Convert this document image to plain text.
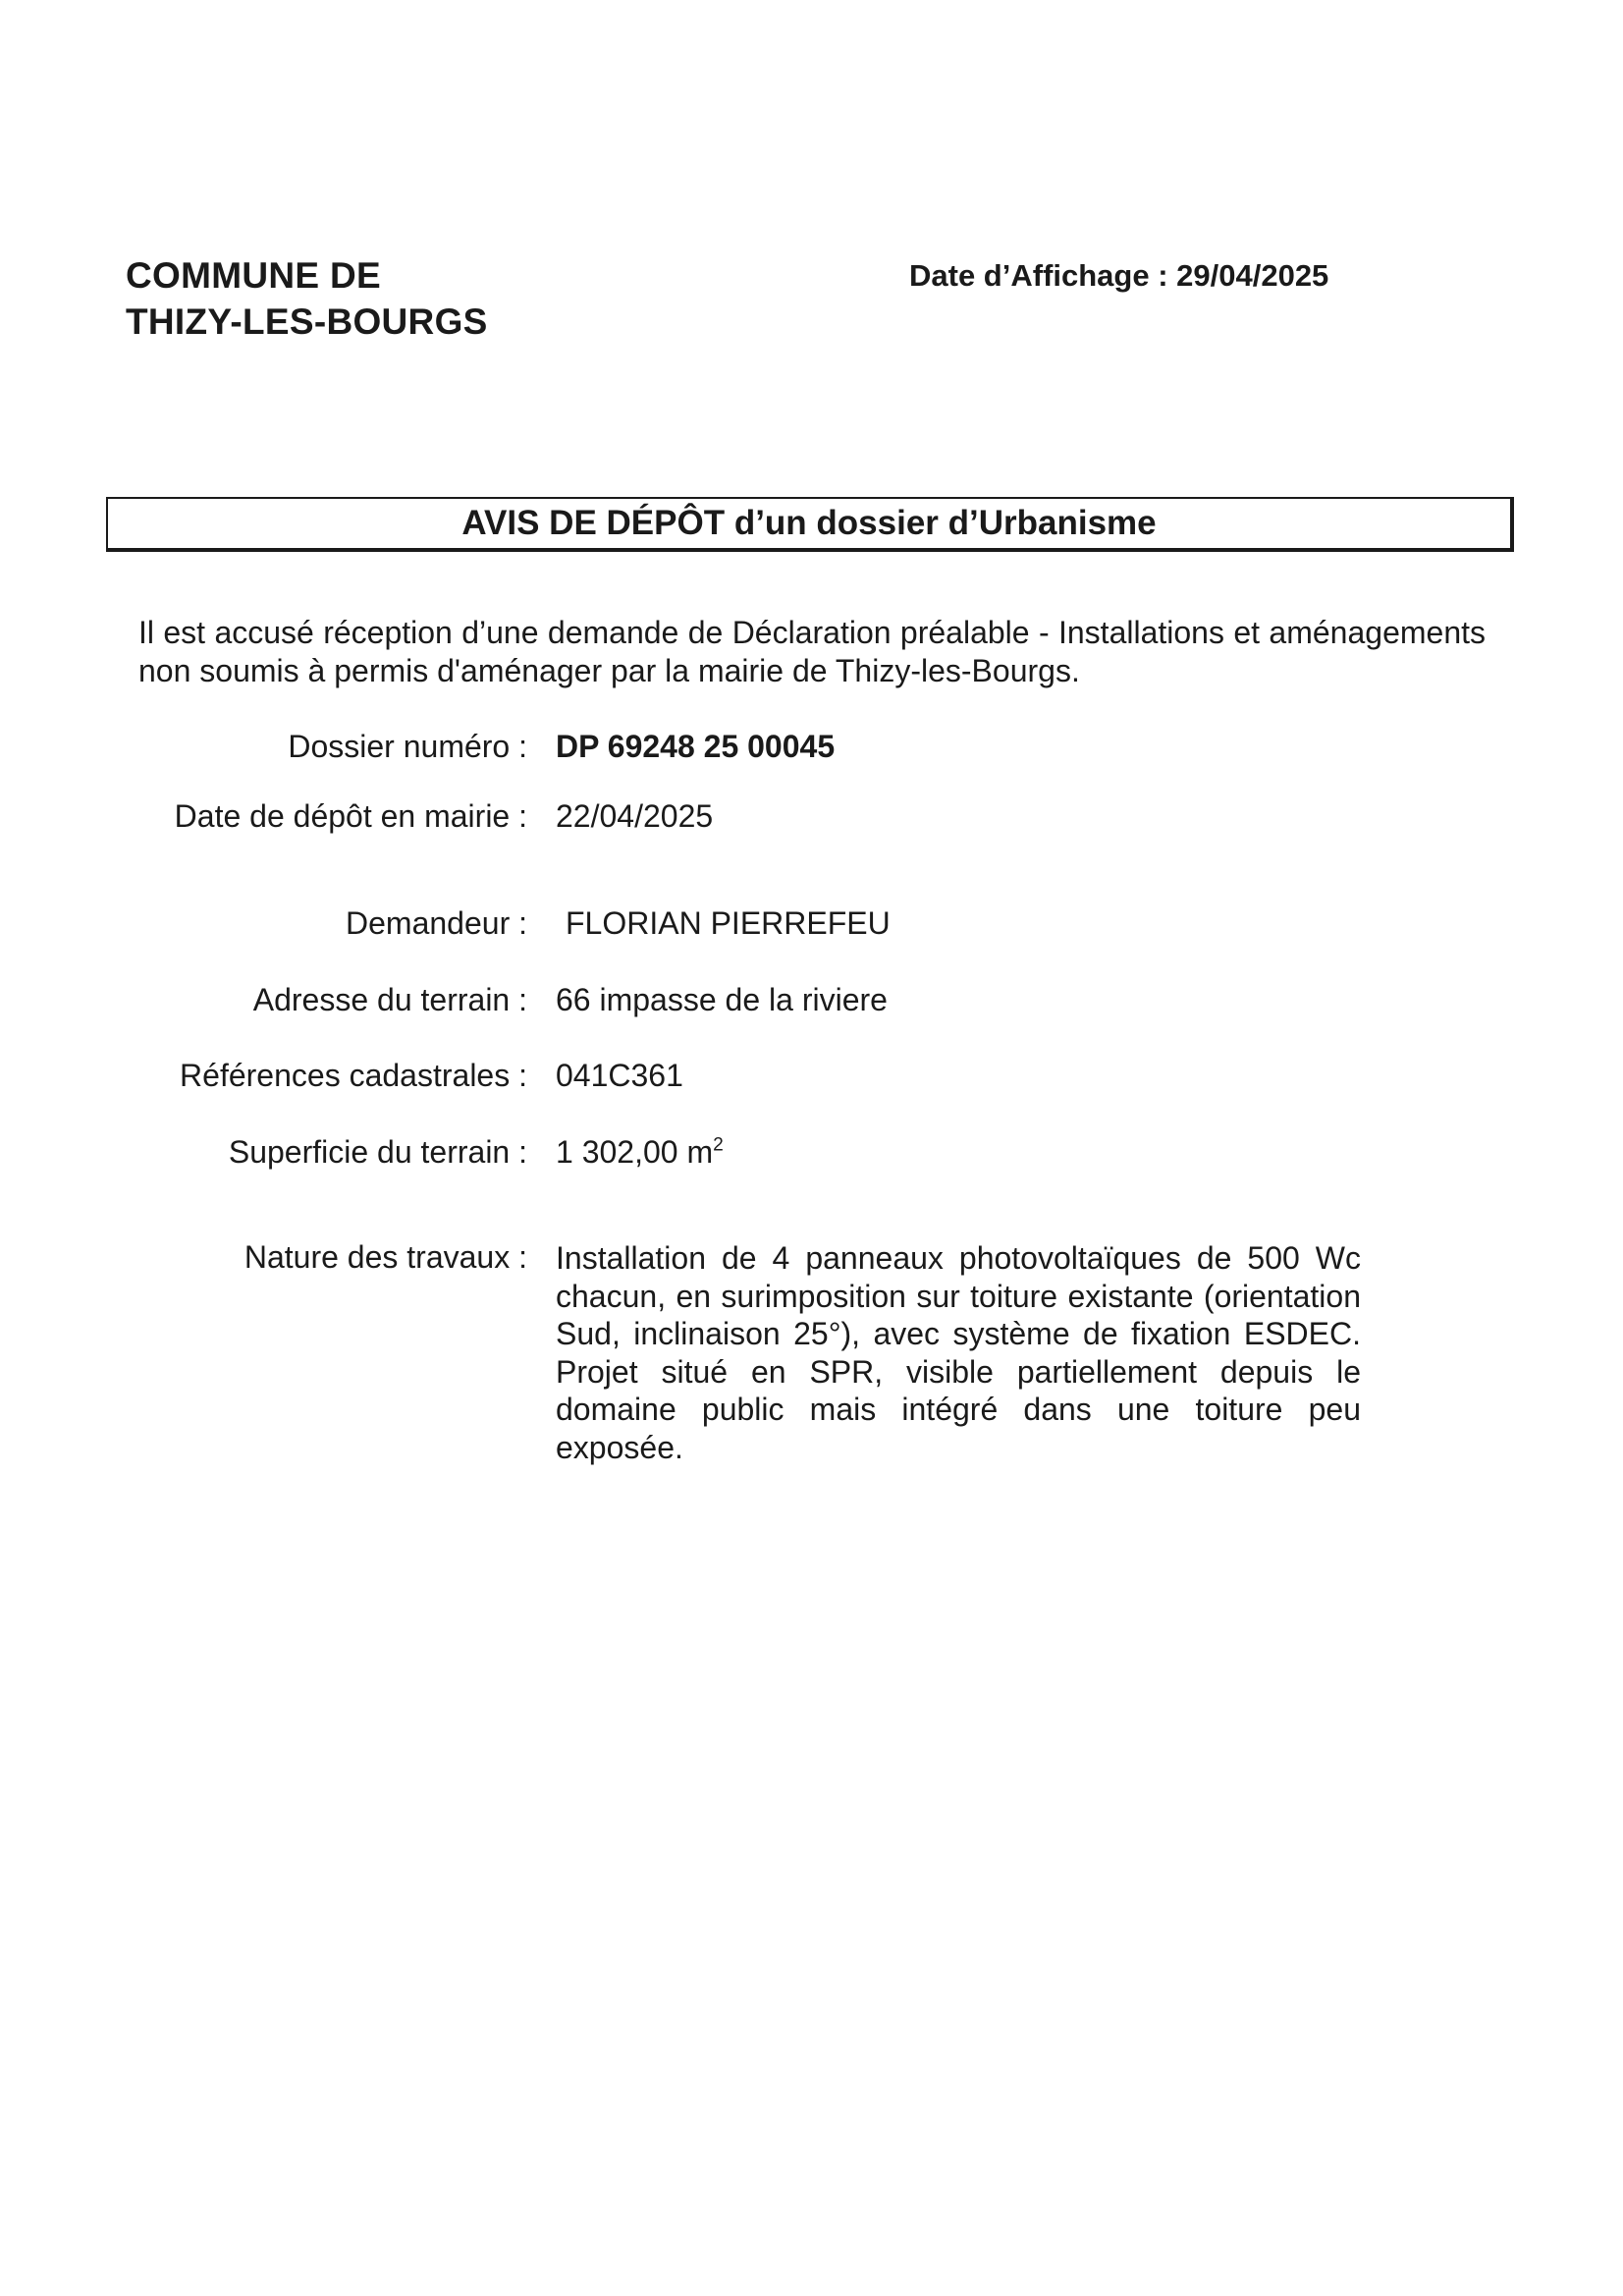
COMMUNE DE
THIZY-LES-BOURGS
Date d’Affichage : 29/04/2025
AVIS DE DÉPÔT d’un dossier d’Urbanisme
Il est accusé réception d’une demande de Déclaration préalable - Installations et aménagements non soumis à permis d'aménager par la mairie de Thizy-les-Bourgs.
Dossier numéro : DP 69248 25 00045
Date de dépôt en mairie : 22/04/2025
Demandeur : FLORIAN PIERREFEU
Adresse du terrain : 66 impasse de la riviere
Références cadastrales : 041C361
Superficie du terrain : 1 302,00 $m^2$
Nature des travaux : Installation de 4 panneaux photovoltaïques de 500 Wc chacun, en surimposition sur toiture existante (orientation Sud, inclinaison 25°), avec système de fixation ESDEC. Projet situé en SPR, visible partiellement depuis le domaine public mais intégré dans une toiture peu exposée.
